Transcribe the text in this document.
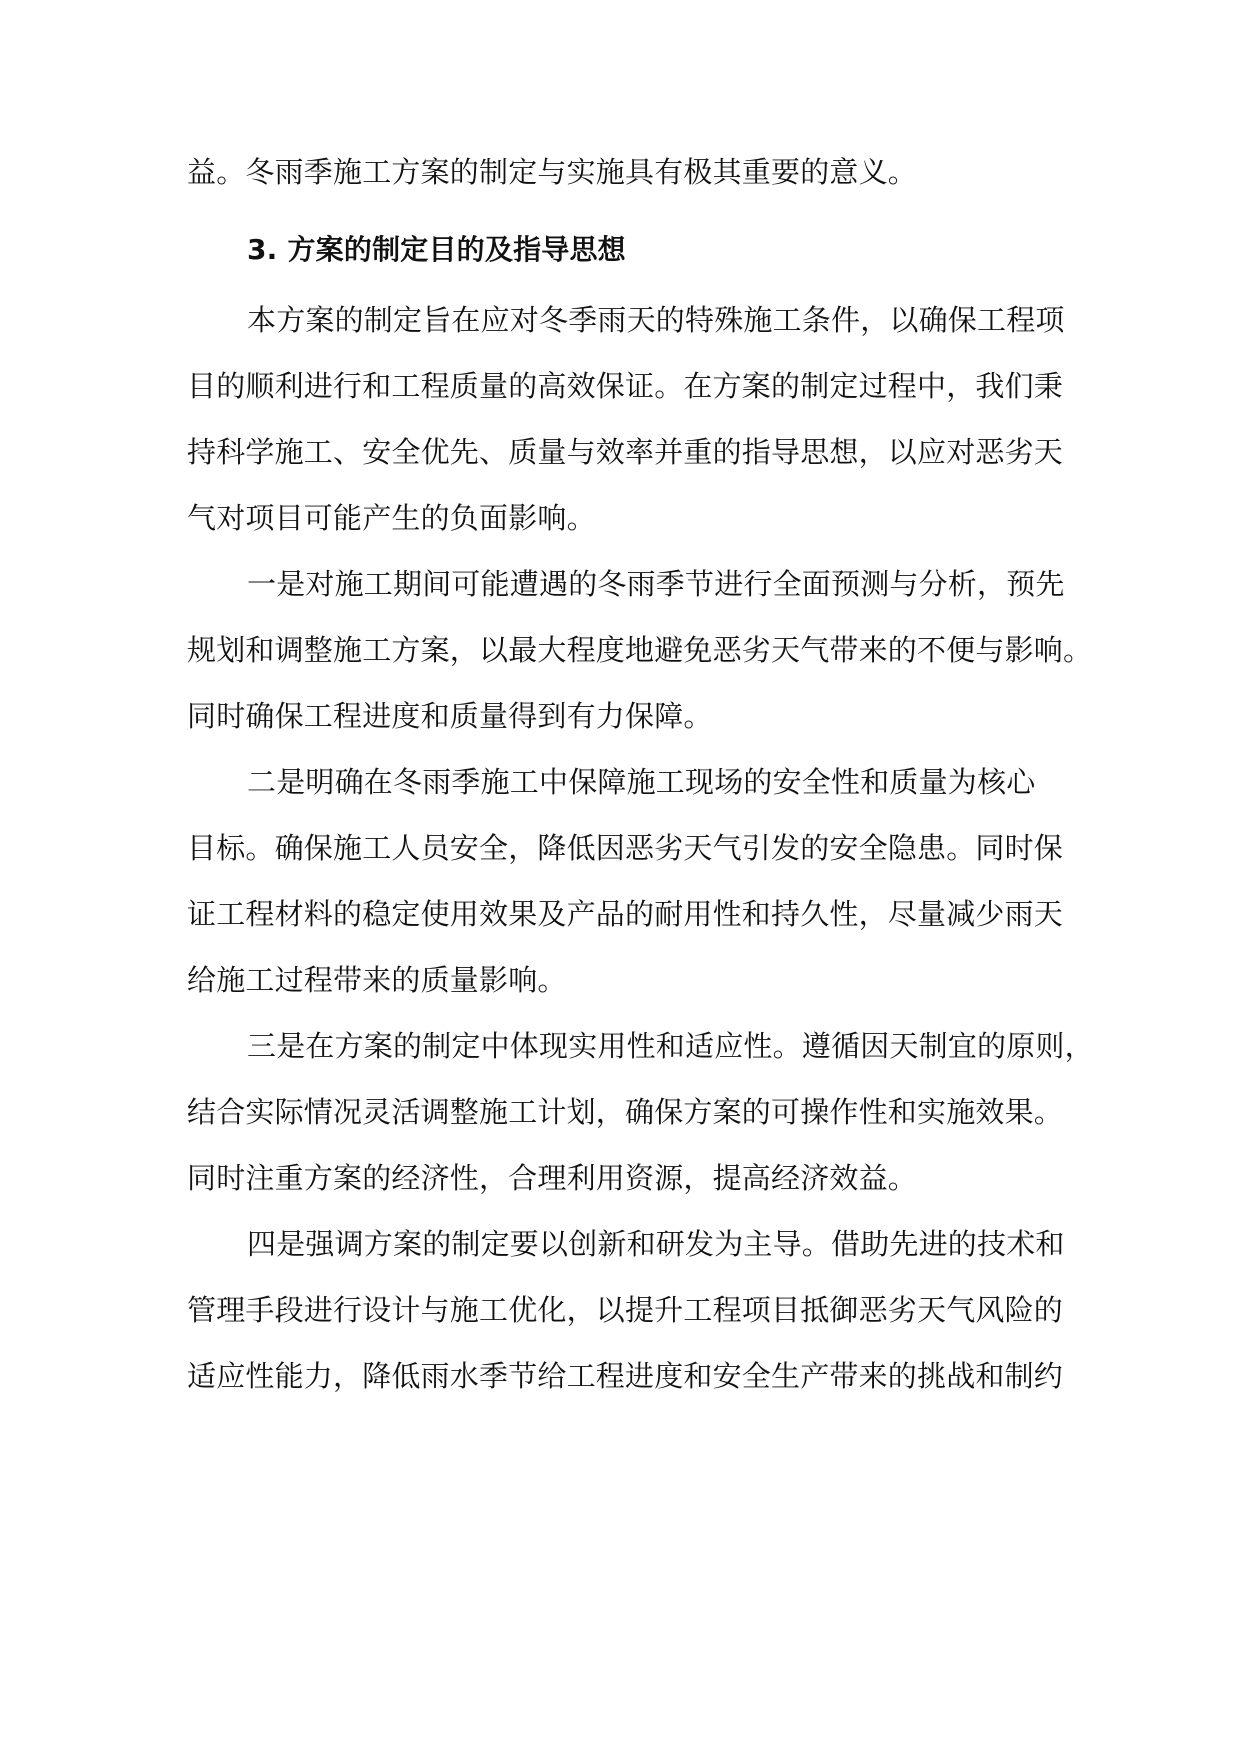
益。冬雨季施工方案的制定与实施具有极其重要的意义。
3. 方案的制定目的及指导思想
本方案的制定旨在应对冬季雨天的特殊施工条件，以确保工程项
目的顺利进行和工程质量的高效保证。在方案的制定过程中，我们秉
持科学施工、安全优先、质量与效率并重的指导思想，以应对恶劣天
气对项目可能产生的负面影响。
一是对施工期间可能遭遇的冬雨季节进行全面预测与分析，预先
规划和调整施工方案，以最大程度地避免恶劣天气带来的不便与影响。
同时确保工程进度和质量得到有力保障。
二是明确在冬雨季施工中保障施工现场的安全性和质量为核心
目标。确保施工人员安全，降低因恶劣天气引发的安全隐患。同时保
证工程材料的稳定使用效果及产品的耐用性和持久性，尽量减少雨天
给施工过程带来的质量影响。
三是在方案的制定中体现实用性和适应性。遵循因天制宜的原则，
结合实际情况灵活调整施工计划，确保方案的可操作性和实施效果。
同时注重方案的经济性，合理利用资源，提高经济效益。
四是强调方案的制定要以创新和研发为主导。借助先进的技术和
管理手段进行设计与施工优化，以提升工程项目抵御恶劣天气风险的
适应性能力，降低雨水季节给工程进度和安全生产带来的挑战和制约
